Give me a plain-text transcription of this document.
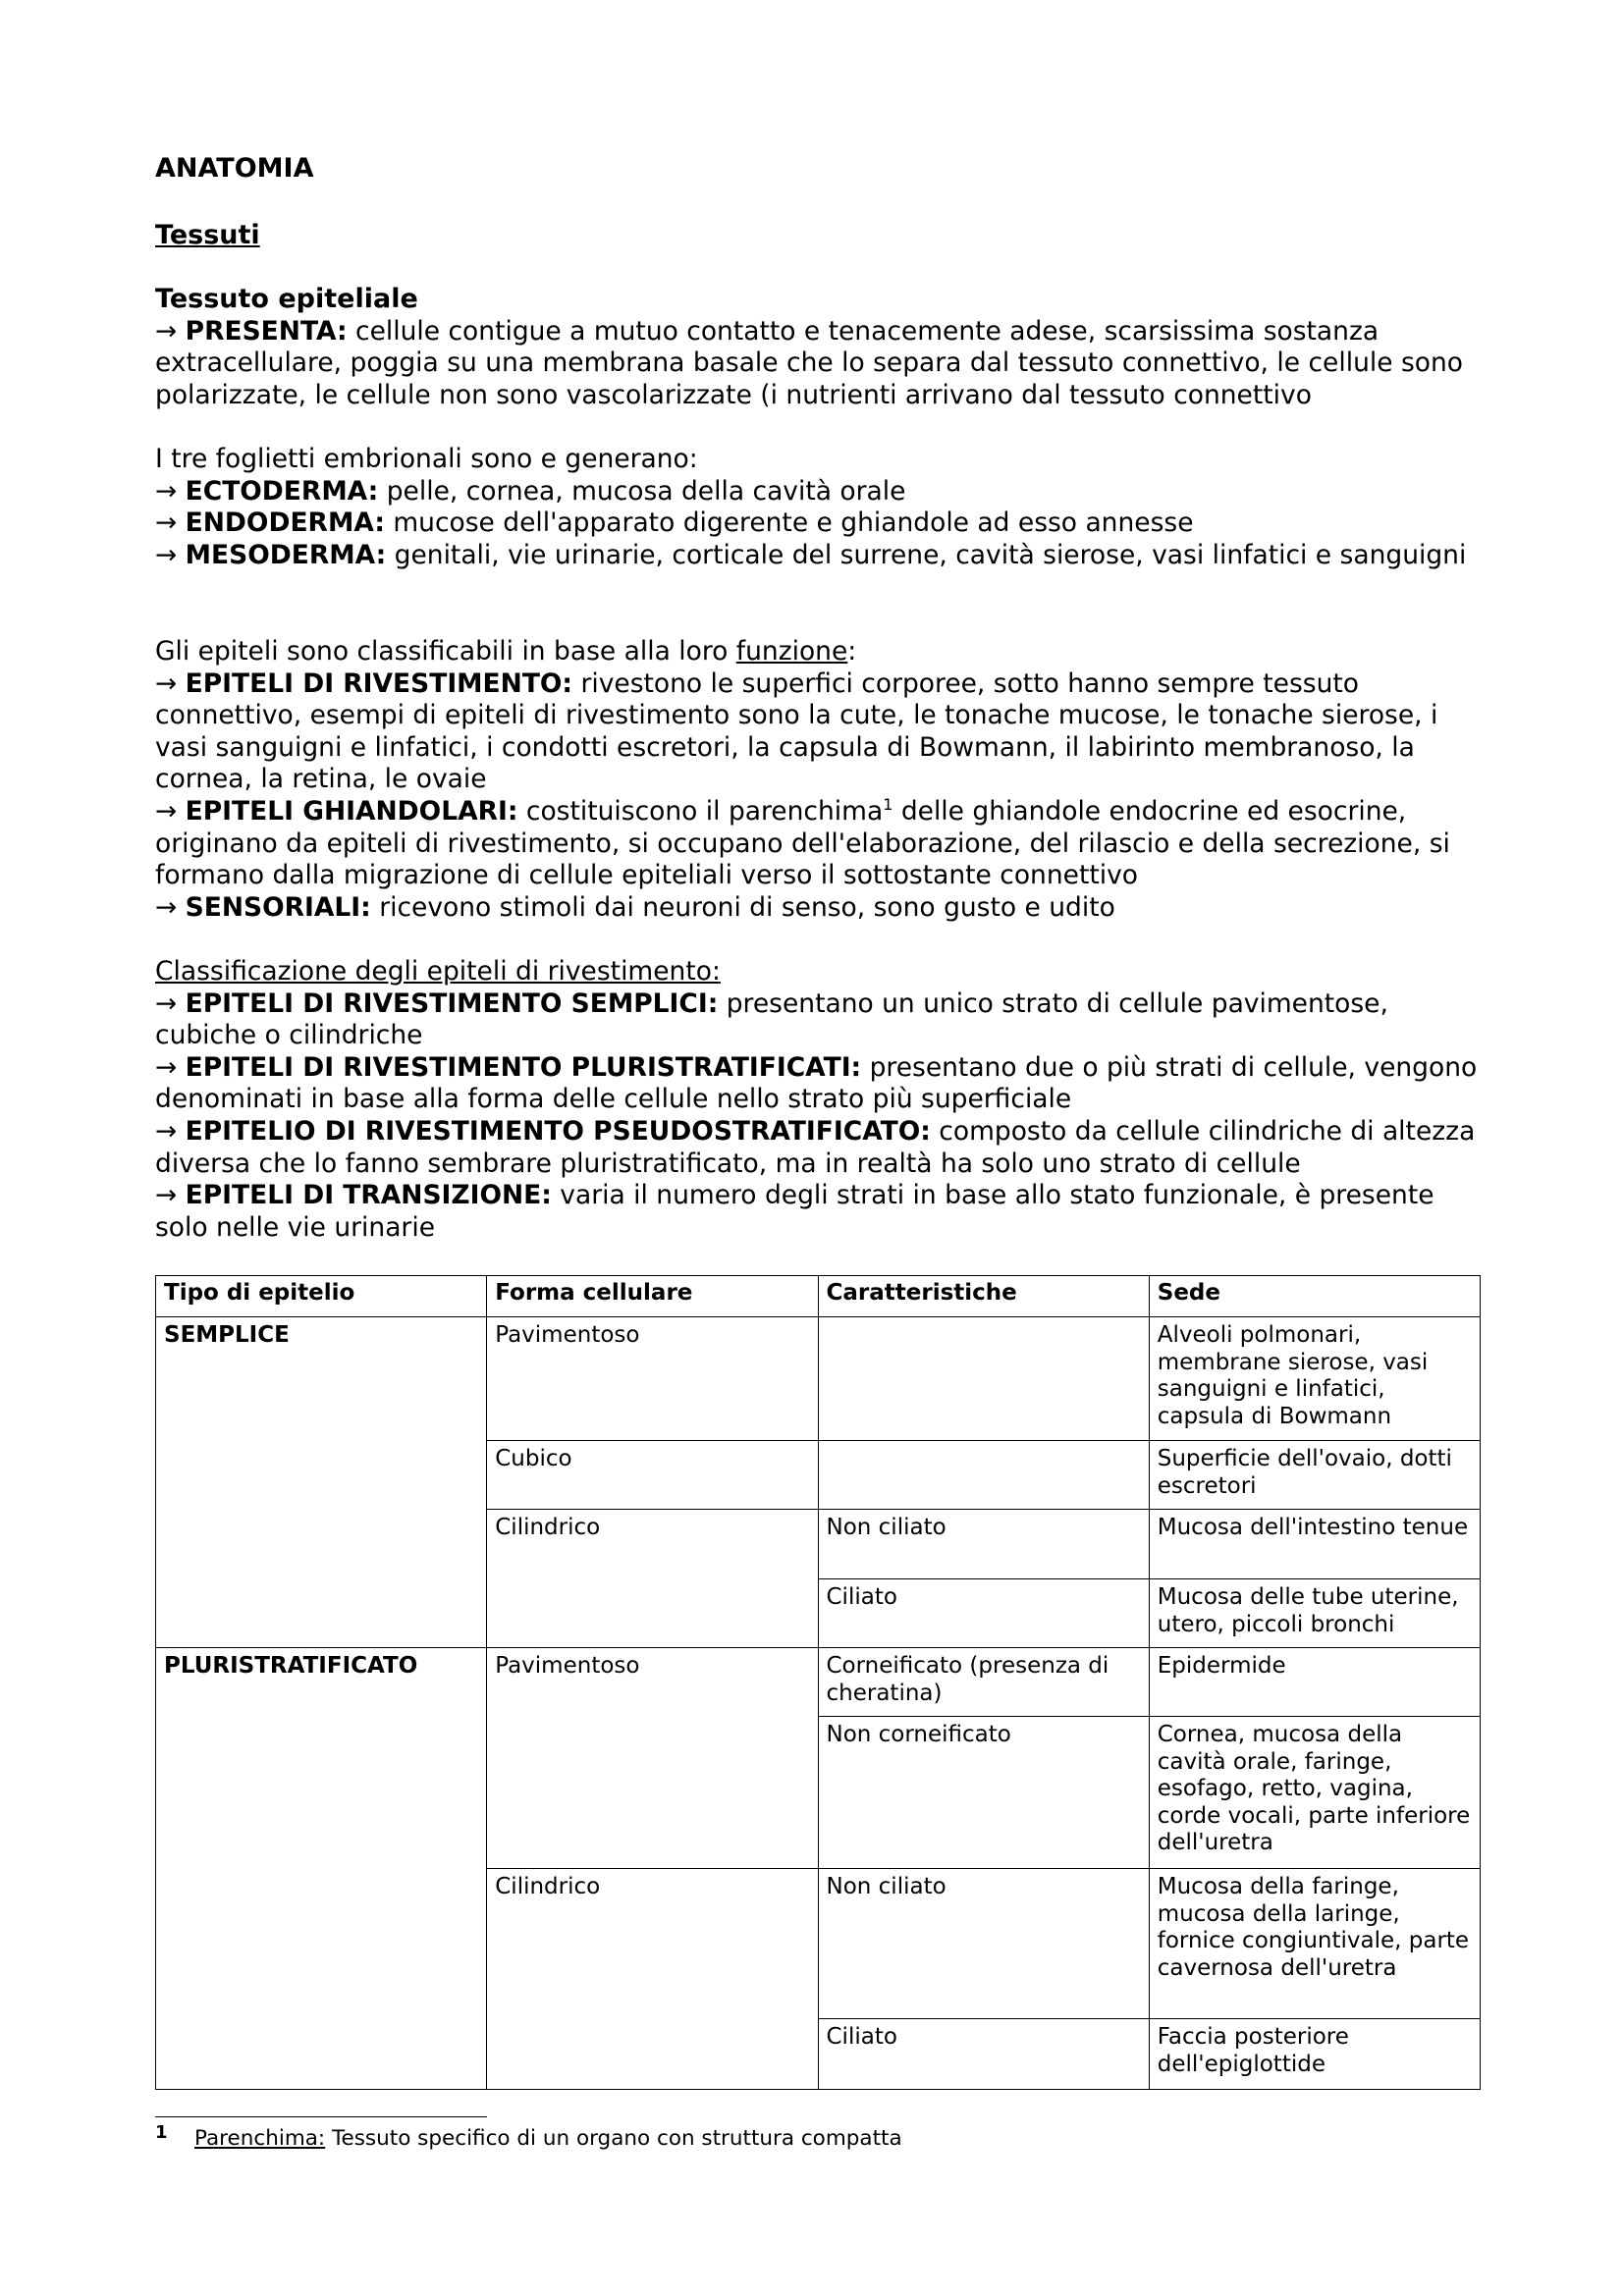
ANATOMIA
Tessuti

Tessuto epiteliale

→ PRESENTA: cellule contigue a mutuo contatto e tenacemente adese, scarsissima sostanza extracellulare, poggia su una membrana basale che lo separa dal tessuto connettivo, le cellule sono polarizzate, le cellule non sono vascolarizzate (i nutrienti arrivano dal tessuto connettivo

I tre foglietti embrionali sono e generano:

→ ECTODERMA: pelle, cornea, mucosa della cavità orale

→ ENDODERMA: mucose dell'apparato digerente e ghiandole ad esso annesse

→ MESODERMA: genitali, vie urinarie, corticale del surrene, cavità sierose, vasi linfatici e sanguigni

Gli epiteli sono classificabili in base alla loro funzione:

→ EPITELI DI RIVESTIMENTO: rivestono le superfici corporee, sotto hanno sempre tessuto connettivo, esempi di epiteli di rivestimento sono la cute, le tonache mucose, le tonache sierose, i vasi sanguigni e linfatici, i condotti escretori, la capsula di Bowmann, il labirinto membranoso, la cornea, la retina, le ovaie

→ EPITELI GHIANDOLARI: costituiscono il parenchima$^1$ delle ghiandole endocrine ed esocrine, originano da epiteli di rivestimento, si occupano dell'elaborazione, del rilascio e della secrezione, si formano dalla migrazione di cellule epiteliali verso il sottostante connettivo

→ SENSORIALI: ricevono stimoli dai neuroni di senso, sono gusto e udito

Classificazione degli epiteli di rivestimento:

→ EPITELI DI RIVESTIMENTO SEMPLICI: presentano un unico strato di cellule pavimentose, cubiche o cilindriche

→ EPITELI DI RIVESTIMENTO PLURISTRATIFICATI: presentano due o più strati di cellule, vengono denominati in base alla forma delle cellule nello strato più superficiale

→ EPITELIO DI RIVESTIMENTO PSEUDOSTRATIFICATO: composto da cellule cilindriche di altezza diversa che lo fanno sembrare pluristratificato, ma in realtà ha solo uno strato di cellule

→ EPITELI DI TRANSIZIONE: varia il numero degli strati in base allo stato funzionale, è presente solo nelle vie urinarie

Tipo di epitelio	Forma cellulare	Caratteristiche	Sede
SEMPLICE	Pavimentoso		Alveoli polmonari, membrane sierose, vasi sanguigni e linfatici, capsula di Bowmann
	Cubico		Superficie dell'ovaio, dotti escretori
	Cilindrico	Non ciliato	Mucosa dell'intestino tenue
		Ciliato	Mucosa delle tube uterine, utero, piccoli bronchi
PLURISTRATIFICATO	Pavimentoso	Corneificato (presenza di cheratina)	Epidermide
		Non corneificato	Cornea, mucosa della cavità orale, faringe, esofago, retto, vagina, corde vocali, parte inferiore dell'uretra
	Cilindrico	Non ciliato	Mucosa della faringe, mucosa della laringe, fornice congiuntivale, parte cavernosa dell'uretra
		Ciliato	Faccia posteriore dell'epiglottide
1 Parenchima: Tessuto specifico di un organo con struttura compatta
